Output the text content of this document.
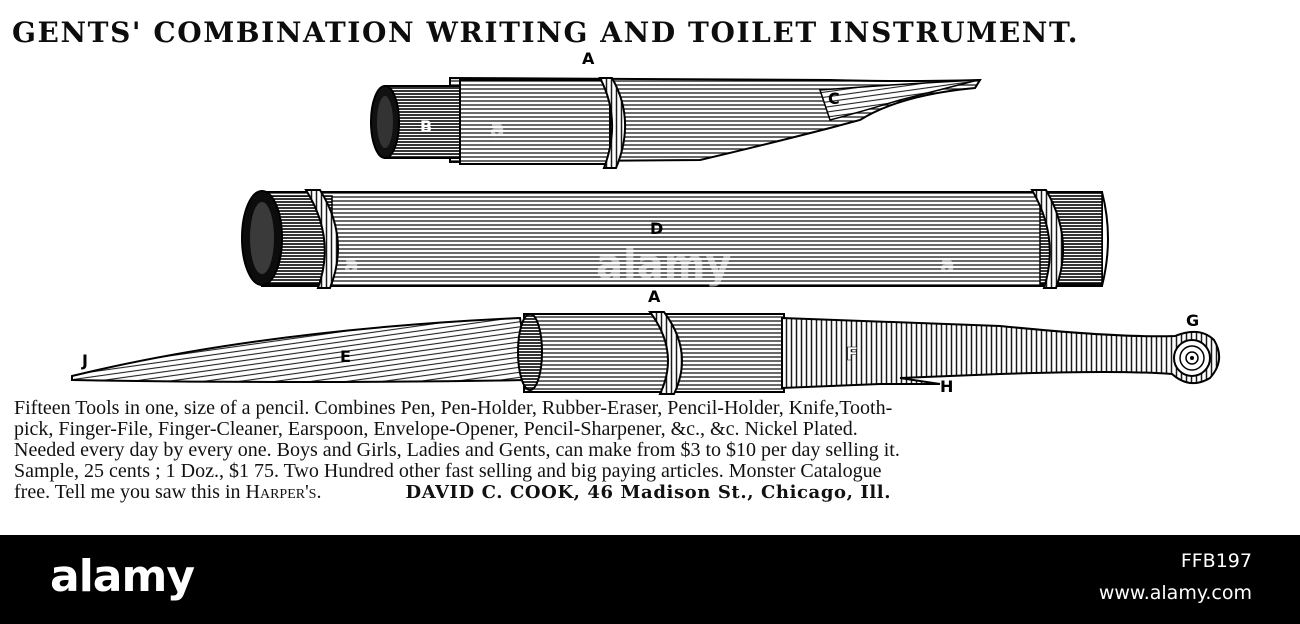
GENTS' COMBINATION WRITING AND TOILET INSTRUMENT.
B
A
C
D
A
E	F
G
H
J
alamy
a
a	a
Fifteen Tools in one, size of a pencil. Combines Pen, Pen-Holder, Rubber-Eraser, Pencil-Holder, Knife,Tooth-
pick, Finger-File, Finger-Cleaner, Earspoon, Envelope-Opener, Pencil-Sharpener, &c., &c. Nickel Plated.
Needed every day by every one. Boys and Girls, Ladies and Gents, can make from $3 to $10 per day selling it.
Sample, 25 cents ; 1 Doz., $1 75. Two Hundred other fast selling and big paying articles. Monster Catalogue
free. Tell me you saw this in Harper's.	DAVID C. COOK, 46 Madison St., Chicago, Ill.
alamy	FFB197
www.alamy.com
